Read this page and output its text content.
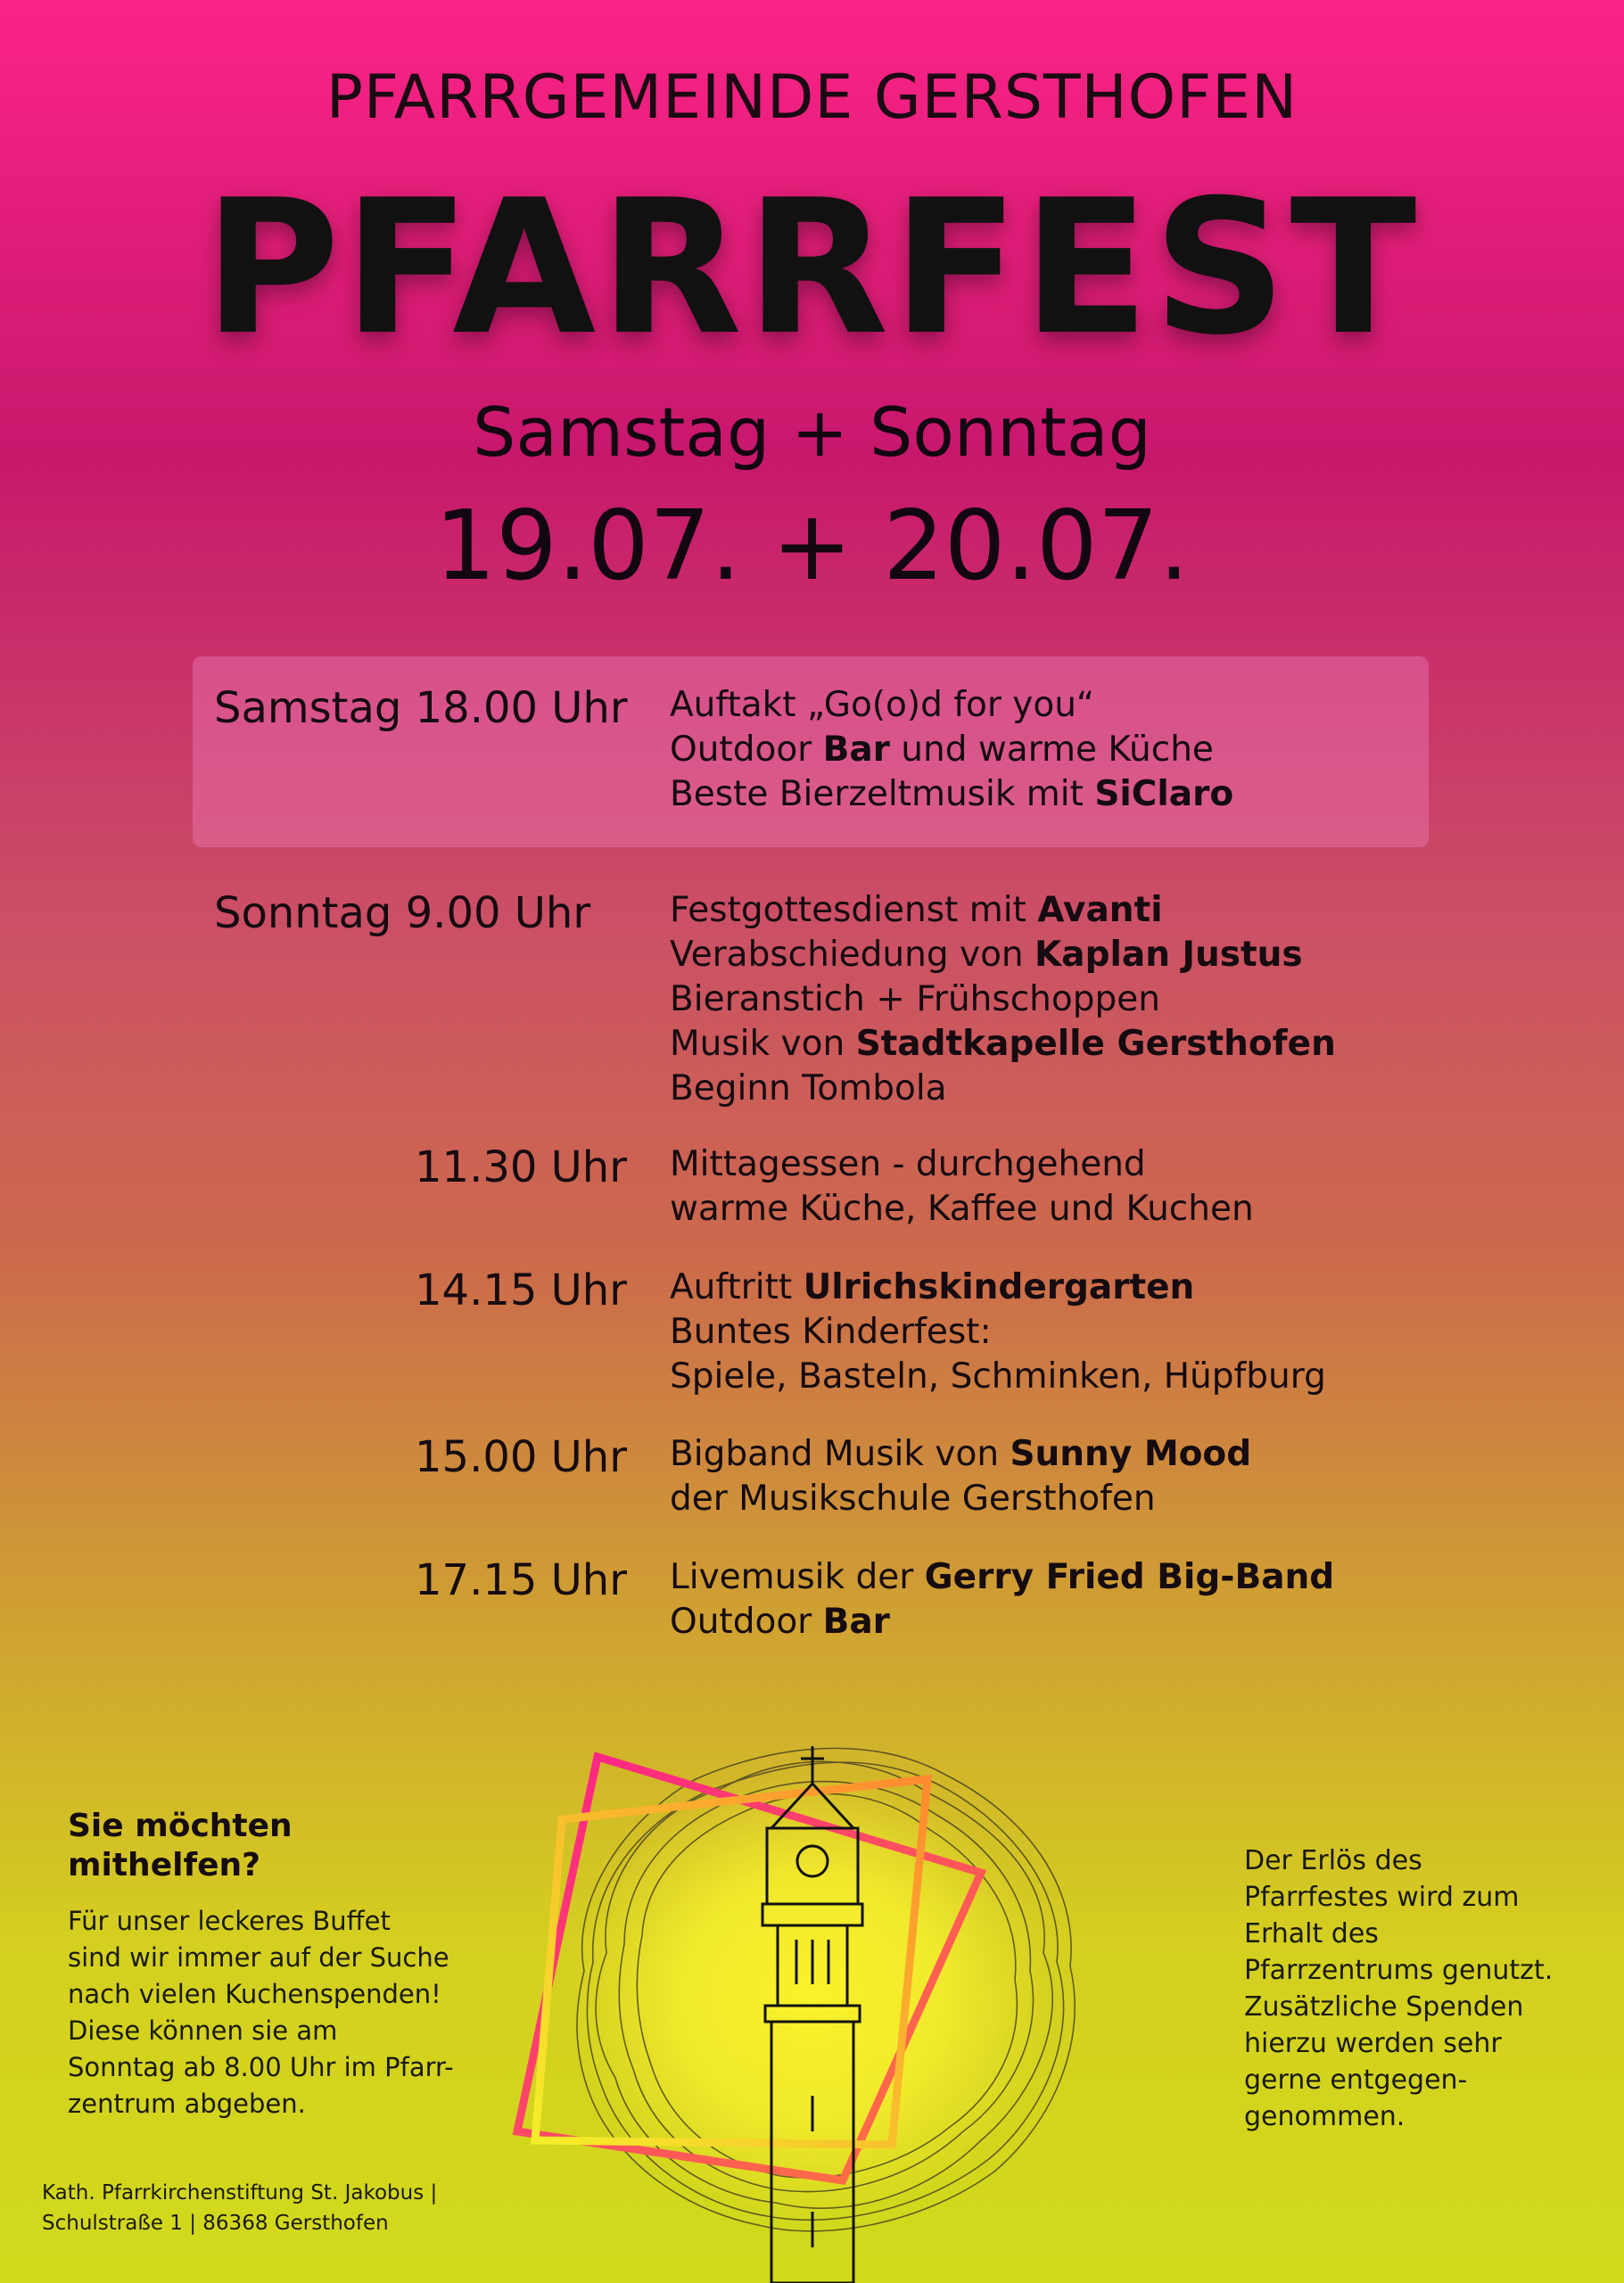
PFARRGEMEINDE GERSTHOFEN
PFARRFEST
Samstag + Sonntag
19.07. + 20.07.
Samstag 18.00 Uhr Auftakt „Go(o)d for you“
Outdoor Bar und warme Küche
Beste Bierzeltmusik mit SiClaro
Sonntag 9.00 Uhr Festgottesdienst mit Avanti
Verabschiedung von Kaplan Justus
Bieranstich + Frühschoppen
Musik von Stadtkapelle Gersthofen
Beginn Tombola
11.30 Uhr Mittagessen - durchgehend
warme Küche, Kaffee und Kuchen
14.15 Uhr Auftritt Ulrichskindergarten
Buntes Kinderfest:
Spiele, Basteln, Schminken, Hüpfburg
15.00 Uhr Bigband Musik von Sunny Mood
der Musikschule Gersthofen
17.15 Uhr Livemusik der Gerry Fried Big-Band
Outdoor Bar
Sie möchten
mithelfen?
Für unser leckeres Buffet
sind wir immer auf der Suche
nach vielen Kuchenspenden!
Diese können sie am
Sonntag ab 8.00 Uhr im Pfarr-
zentrum abgeben.
Der Erlös des
Pfarrfestes wird zum
Erhalt des
Pfarrzentrums genutzt.
Zusätzliche Spenden
hierzu werden sehr
gerne entgegen-
genommen.
Kath. Pfarrkirchenstiftung St. Jakobus |
Schulstraße 1 | 86368 Gersthofen
